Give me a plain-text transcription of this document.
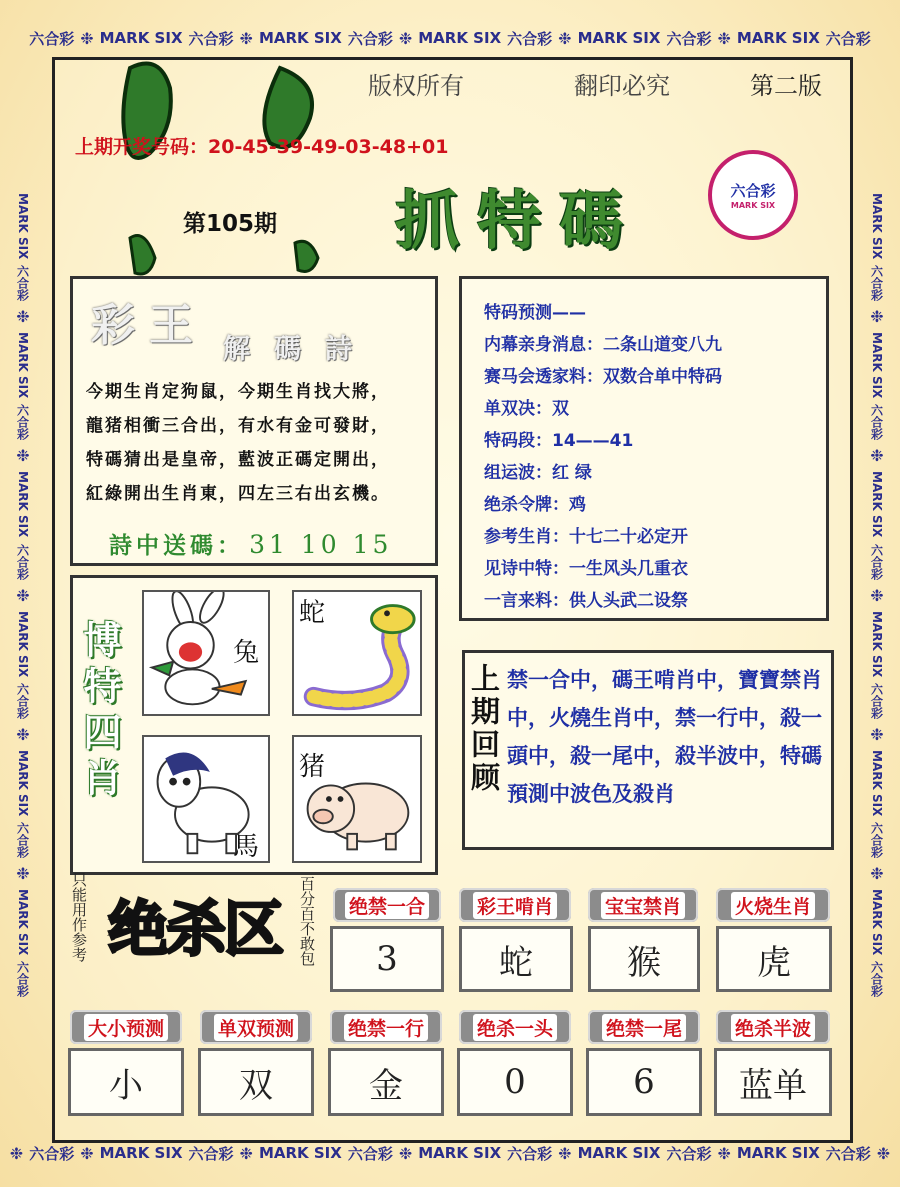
六合彩 ❉ MARK SIX 六合彩 ❉ MARK SIX 六合彩 ❉ MARK SIX 六合彩 ❉ MARK SIX 六合彩 ❉ MARK SIX 六合彩
❉ 六合彩 ❉ MARK SIX 六合彩 ❉ MARK SIX 六合彩 ❉ MARK SIX 六合彩 ❉ MARK SIX 六合彩 ❉ MARK SIX 六合彩 ❉
MARK SIX
六合彩
❉
MARK SIX
六合彩
❉
MARK SIX
六合彩
❉
MARK SIX
六合彩
❉
MARK SIX
六合彩
❉
MARK SIX
六合彩
MARK SIX
六合彩
❉
MARK SIX
六合彩
❉
MARK SIX
六合彩
❉
MARK SIX
六合彩
❉
MARK SIX
六合彩
❉
MARK SIX
六合彩
版权所有	翻印必究	第二版
上期开奖号码：20-45-39-49-03-48+01
第105期 抓特碼	六合彩
MARK SIX
彩王 解碼詩
今期生肖定狗鼠，今期生肖找大將，
龍猪相衝三合出，有水有金可發財，
特碼猜出是皇帝，藍波正碼定開出，
紅綠開出生肖東，四左三右出玄機。
詩中送碼： 31 10 15
特码预测——
内幕亲身消息：二条山道变八九
赛马会透家料：双数合单中特码
单双决：双
特码段：14——41
组运波：红 绿
绝杀令牌：鸡
参考生肖：十七二十必定开
见诗中特：一生风头几重衣
一言来料：供人头武二设祭
博特四肖	兔
蛇
馬
猪	上期回顾 禁一合中，碼王啃肖中，寶寶禁肖中，火燒生肖中，禁一行中，殺一頭中，殺一尾中，殺半波中，特碼預測中波色及殺肖
只能用作参考 绝杀区 百分百不敢包 绝禁一合	彩王啃肖	宝宝禁肖	火烧生肖
3	蛇	猴	虎
大小预测	单双预测	绝禁一行	绝杀一头	绝禁一尾	绝杀半波
小	双	金	0	6	蓝单
